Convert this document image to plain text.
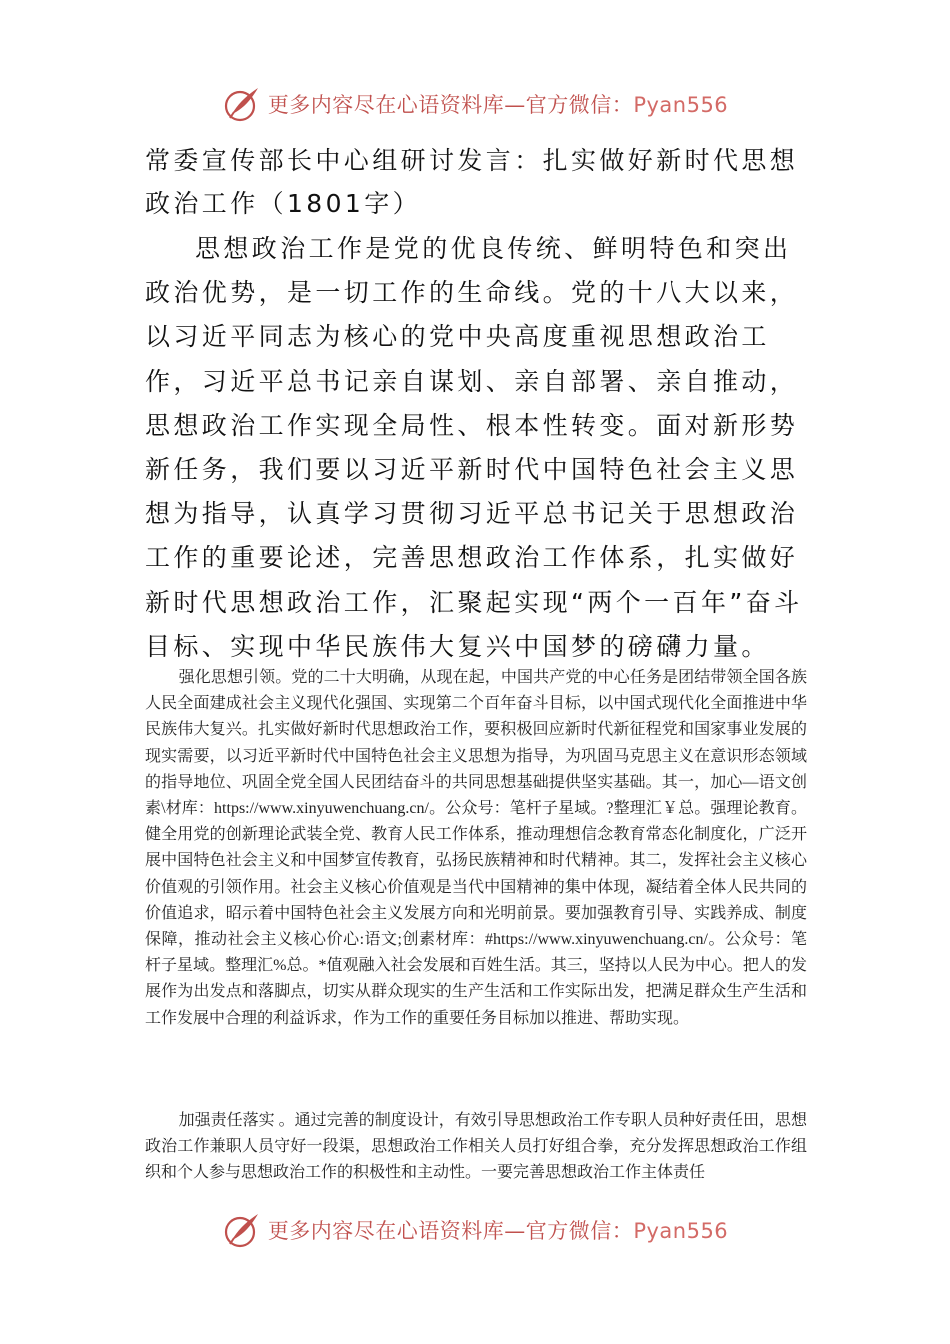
更多内容尽在心语资料库—官方微信：Pyan556
常委宣传部长中心组研讨发言：扎实做好新时代思想政治工作（1801字）

思想政治工作是党的优良传统、鲜明特色和突出政治优势，是一切工作的生命线。党的十八大以来，以习近平同志为核心的党中央高度重视思想政治工作，习近平总书记亲自谋划、亲自部署、亲自推动，思想政治工作实现全局性、根本性转变。面对新形势新任务，我们要以习近平新时代中国特色社会主义思想为指导，认真学习贯彻习近平总书记关于思想政治工作的重要论述，完善思想政治工作体系，扎实做好新时代思想政治工作，汇聚起实现“两个一百年”奋斗目标、实现中华民族伟大复兴中国梦的磅礴力量。

强化思想引领。党的二十大明确，从现在起，中国共产党的中心任务是团结带领全国各族人民全面建成社会主义现代化强国、实现第二个百年奋斗目标，以中国式现代化全面推进中华民族伟大复兴。扎实做好新时代思想政治工作，要积极回应新时代新征程党和国家事业发展的现实需要，以习近平新时代中国特色社会主义思想为指导，为巩固马克思主义在意识形态领域的指导地位、巩固全党全国人民团结奋斗的共同思想基础提供坚实基础。其一，加心—语文创素\材库：https://www.xinyuwenchuang.cn/。公众号：笔杆子星域。?整理汇￥总。强理论教育。健全用党的创新理论武装全党、教育人民工作体系，推动理想信念教育常态化制度化，广泛开展中国特色社会主义和中国梦宣传教育，弘扬民族精神和时代精神。其二，发挥社会主义核心价值观的引领作用。社会主义核心价值观是当代中国精神的集中体现，凝结着全体人民共同的价值追求，昭示着中国特色社会主义发展方向和光明前景。要加强教育引导、实践养成、制度保障，推动社会主义核心价心:语文;创素材库：#https://www.xinyuwenchuang.cn/。公众号：笔杆子星域。整理汇%总。*值观融入社会发展和百姓生活。其三，坚持以人民为中心。把人的发展作为出发点和落脚点，切实从群众现实的生产生活和工作实际出发，把满足群众生产生活和工作发展中合理的利益诉求，作为工作的重要任务目标加以推进、帮助实现。

加强责任落实 。通过完善的制度设计，有效引导思想政治工作专职人员种好责任田，思想政治工作兼职人员守好一段渠，思想政治工作相关人员打好组合拳，充分发挥思想政治工作组织和个人参与思想政治工作的积极性和主动性。一要完善思想政治工作主体责任

更多内容尽在心语资料库—官方微信：Pyan556
